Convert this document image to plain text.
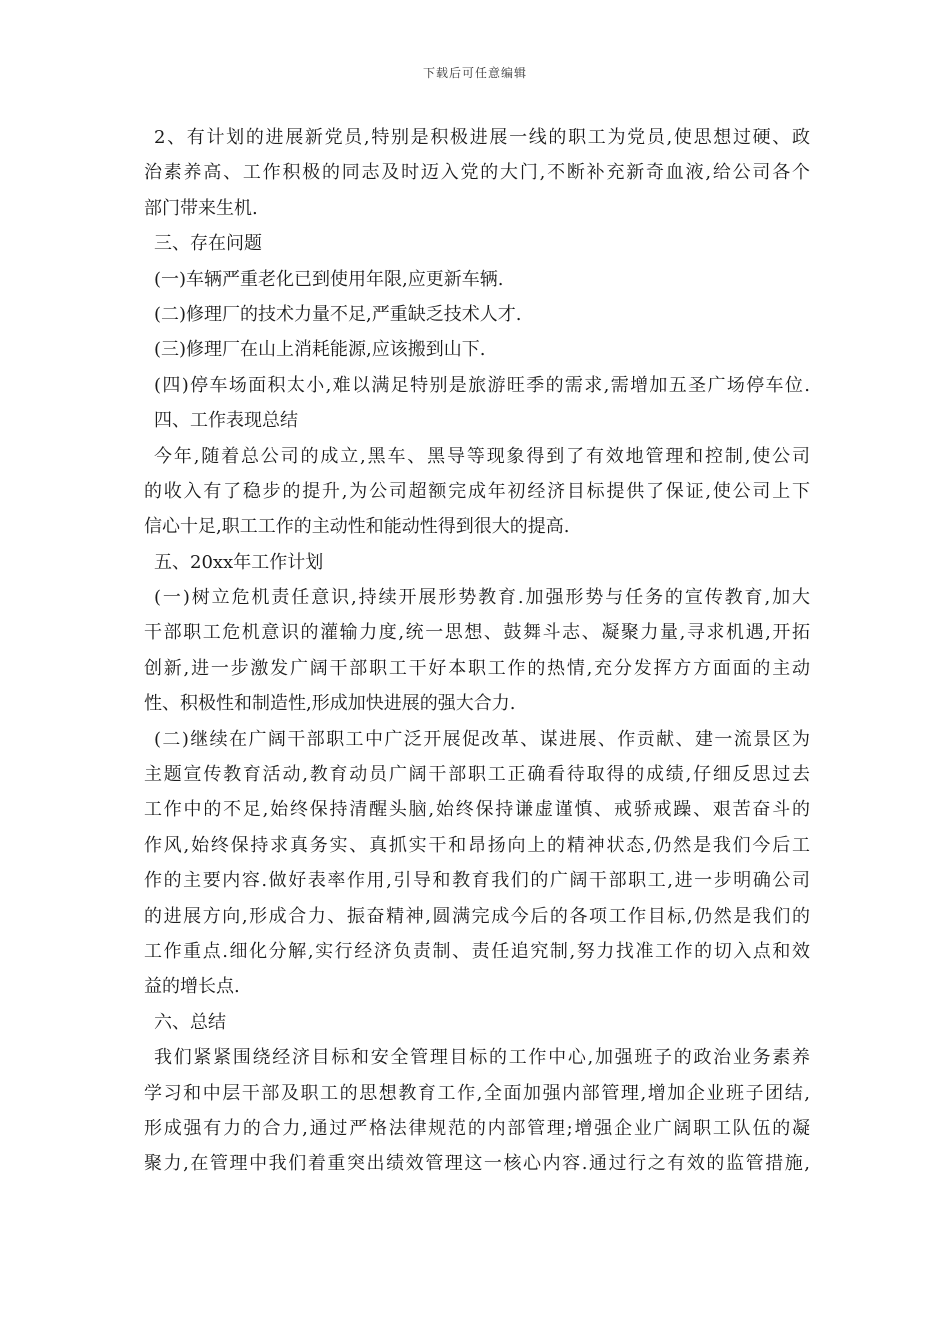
下载后可任意编辑
2、有计划的进展新党员,特别是积极进展一线的职工为党员,使思想过硬、政
治素养高、工作积极的同志及时迈入党的大门,不断补充新奇血液,给公司各个
部门带来生机.
三、存在问题
(一)车辆严重老化已到使用年限,应更新车辆.
(二)修理厂的技术力量不足,严重缺乏技术人才.
(三)修理厂在山上消耗能源,应该搬到山下.
(四)停车场面积太小,难以满足特别是旅游旺季的需求,需增加五圣广场停车位.
四、工作表现总结
今年,随着总公司的成立,黑车、黑导等现象得到了有效地管理和控制,使公司
的收入有了稳步的提升,为公司超额完成年初经济目标提供了保证,使公司上下
信心十足,职工工作的主动性和能动性得到很大的提高.
五、20xx年工作计划
(一)树立危机责任意识,持续开展形势教育.加强形势与任务的宣传教育,加大
干部职工危机意识的灌输力度,统一思想、鼓舞斗志、凝聚力量,寻求机遇,开拓
创新,进一步激发广阔干部职工干好本职工作的热情,充分发挥方方面面的主动
性、积极性和制造性,形成加快进展的强大合力.
(二)继续在广阔干部职工中广泛开展促改革、谋进展、作贡献、建一流景区为
主题宣传教育活动,教育动员广阔干部职工正确看待取得的成绩,仔细反思过去
工作中的不足,始终保持清醒头脑,始终保持谦虚谨慎、戒骄戒躁、艰苦奋斗的
作风,始终保持求真务实、真抓实干和昂扬向上的精神状态,仍然是我们今后工
作的主要内容.做好表率作用,引导和教育我们的广阔干部职工,进一步明确公司
的进展方向,形成合力、振奋精神,圆满完成今后的各项工作目标,仍然是我们的
工作重点.细化分解,实行经济负责制、责任追究制,努力找准工作的切入点和效
益的增长点.
六、总结
我们紧紧围绕经济目标和安全管理目标的工作中心,加强班子的政治业务素养
学习和中层干部及职工的思想教育工作,全面加强内部管理,增加企业班子团结,
形成强有力的合力,通过严格法律规范的内部管理;增强企业广阔职工队伍的凝
聚力,在管理中我们着重突出绩效管理这一核心内容.通过行之有效的监管措施,
